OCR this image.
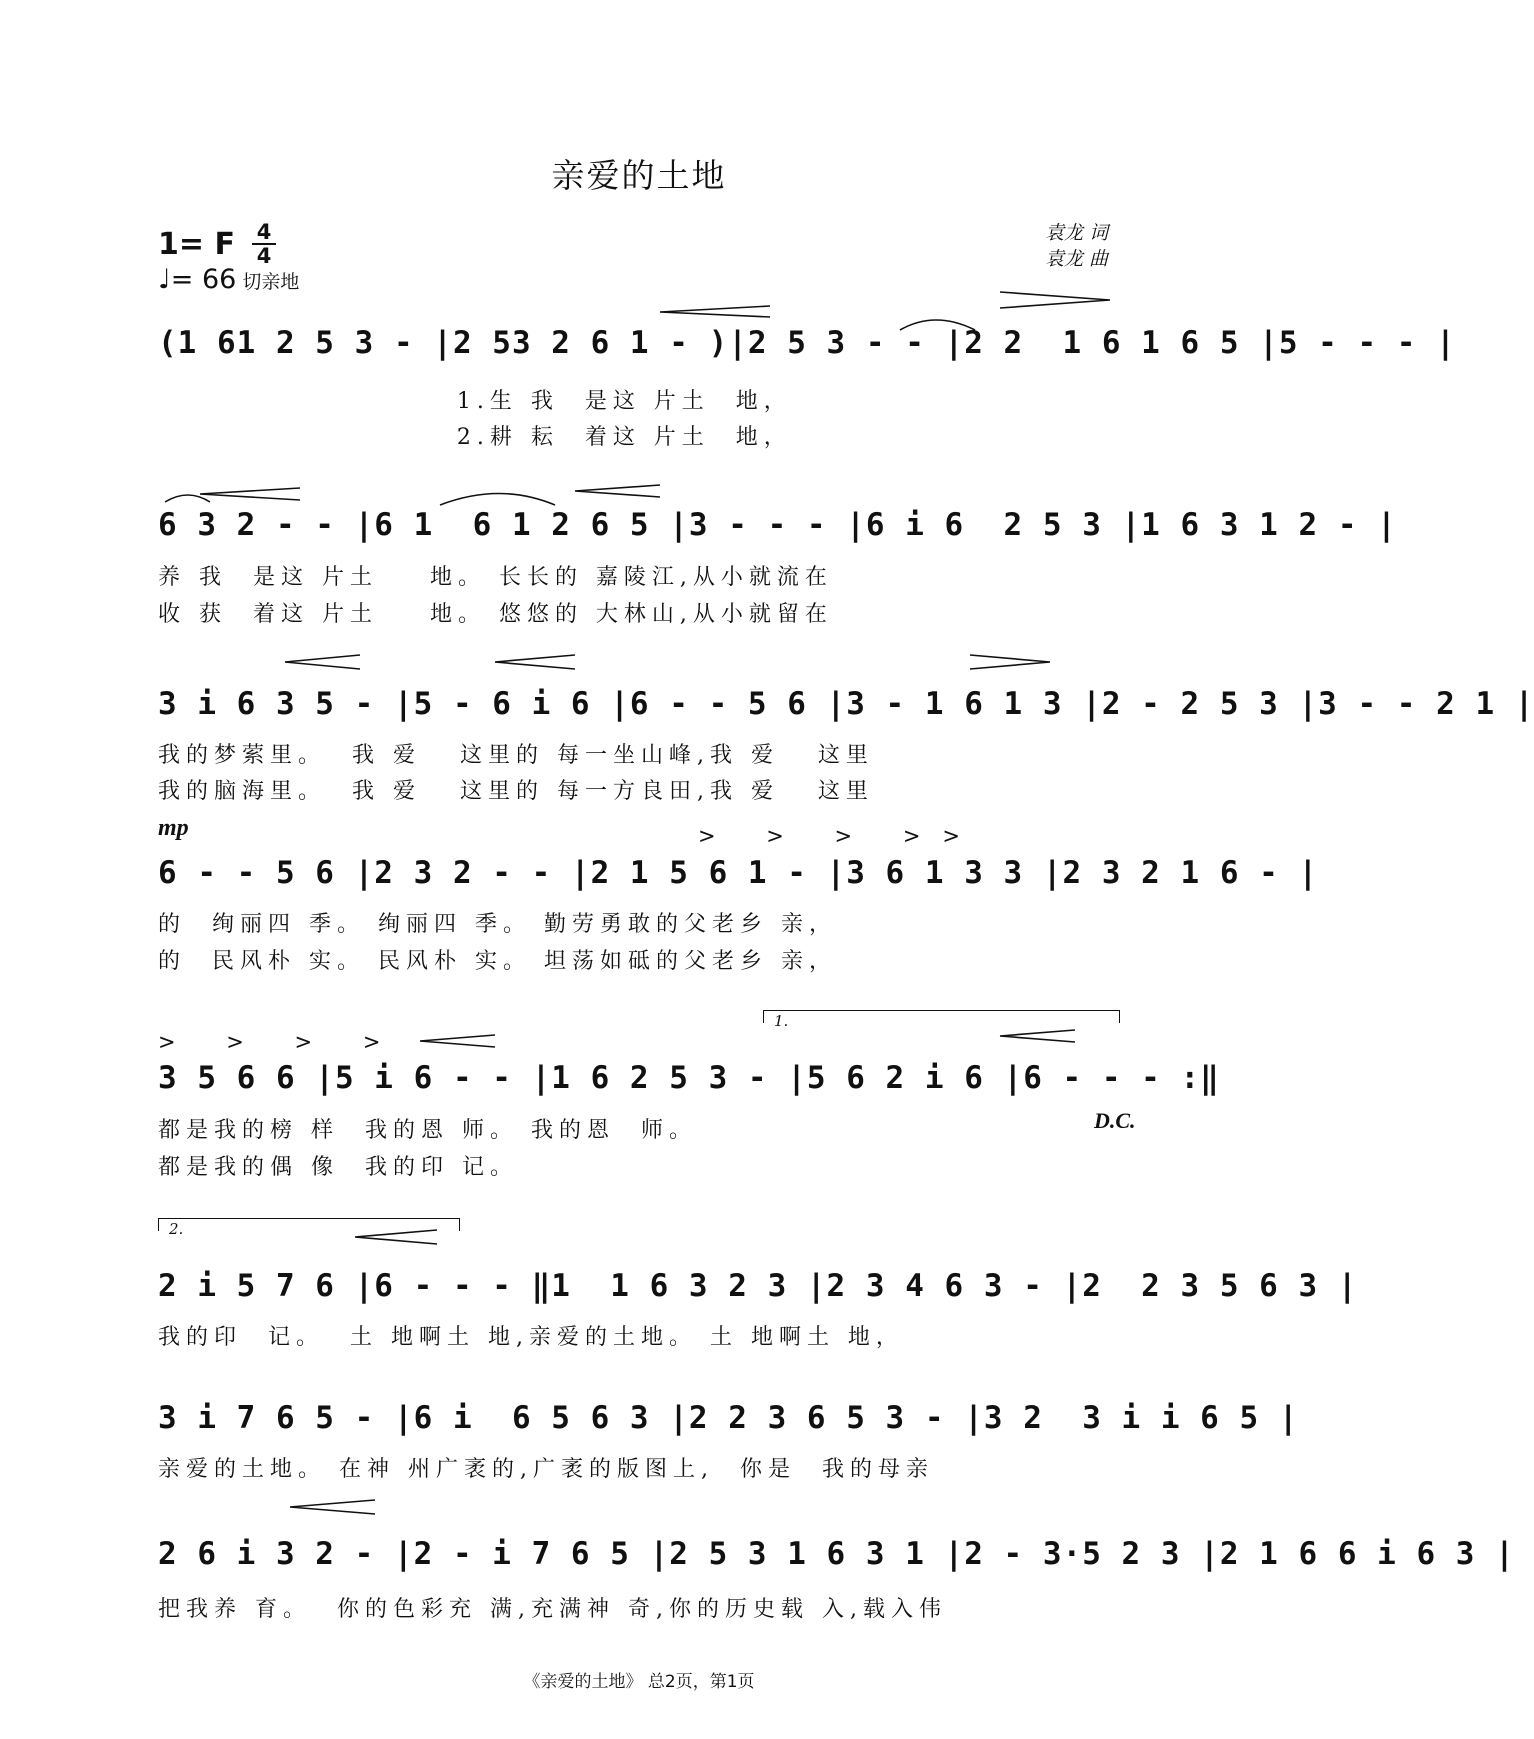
亲爱的土地
袁龙 词
袁龙 曲
1= F 4
4
♩= 66 切亲地
(1 61 2 5 3 - |2 53 2 6 1 - )|2 5 3 - - |2 2  1 6 1 6 5 |5 - - - |
1.生 我  是这 片土  地，
2.耕 耘  着这 片土  地，
6 3 2 - - |6 1  6 1 2 6 5 |3 - - - |6 i 6  2 5 3 |1 6 3 1 2 - |
养 我  是这 片土    地。 长长的 嘉陵江,从小就流在
收 获  着这 片土    地。 悠悠的 大林山,从小就留在
3 i 6 3 5 - |5 - 6 i 6 |6 - - 5 6 |3 - 1 6 1 3 |2 - 2 5 3 |3 - - 2 1 |
我的梦萦里。  我 爱   这里的 每一坐山峰,我 爱   这里
我的脑海里。  我 爱   这里的 每一方良田,我 爱   这里
mp	> > > >>
6 - - 5 6 |2 3 2 - - |2 1 5 6 1 - |3 6 1 3 3 |2 3 2 1 6 - |
的  绚丽四 季。 绚丽四 季。 勤劳勇敢的父老乡 亲，
的  民风朴 实。 民风朴 实。 坦荡如砥的父老乡 亲，
1.
> > > >
3 5 6 6 |5 i 6 - - |1 6 2 5 3 - |5 6 2 i 6 |6 - - - :‖
都是我的榜 样  我的恩 师。 我的恩  师。
都是我的偶 像  我的印 记。
D.C.
2.
2 i 5 7 6 |6 - - - ‖1  1 6 3 2 3 |2 3 4 6 3 - |2  2 3 5 6 3 |
我的印  记。  土 地啊土 地,亲爱的土地。 土 地啊土 地，
3 i 7 6 5 - |6 i  6 5 6 3 |2 2 3 6 5 3 - |3 2  3 i i 6 5 |
亲爱的土地。 在神 州广袤的,广袤的版图上,  你是  我的母亲
2 6 i 3 2 - |2 - i 7 6 5 |2 5 3 1 6 3 1 |2 - 3·5 2 3 |2 1 6 6 i 6 3 |
把我养 育。  你的色彩充 满,充满神 奇,你的历史载 入,载入伟
《亲爱的土地》 总2页，第1页
